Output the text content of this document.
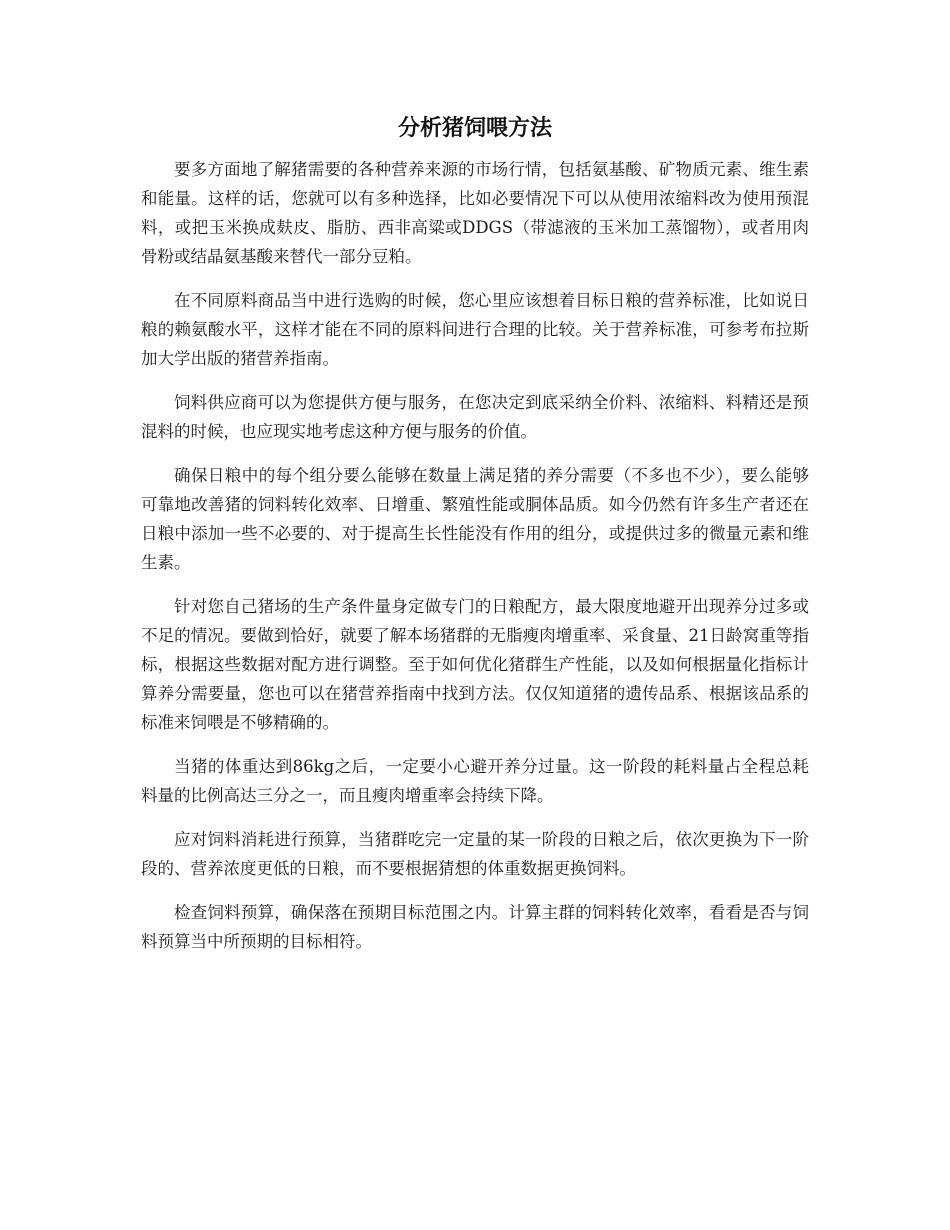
分析猪饲喂方法

要多方面地了解猪需要的各种营养来源的市场行情，包括氨基酸、矿物质元素、维生素和能量。这样的话，您就可以有多种选择，比如必要情况下可以从使用浓缩料改为使用预混料，或把玉米换成麸皮、脂肪、西非高粱或DDGS（带滤液的玉米加工蒸馏物），或者用肉骨粉或结晶氨基酸来替代一部分豆粕。

在不同原料商品当中进行选购的时候，您心里应该想着目标日粮的营养标准，比如说日粮的赖氨酸水平，这样才能在不同的原料间进行合理的比较。关于营养标准，可参考布拉斯加大学出版的猪营养指南。

饲料供应商可以为您提供方便与服务，在您决定到底采纳全价料、浓缩料、料精还是预混料的时候，也应现实地考虑这种方便与服务的价值。

确保日粮中的每个组分要么能够在数量上满足猪的养分需要（不多也不少），要么能够可靠地改善猪的饲料转化效率、日增重、繁殖性能或胴体品质。如今仍然有许多生产者还在日粮中添加一些不必要的、对于提高生长性能没有作用的组分，或提供过多的微量元素和维生素。

针对您自己猪场的生产条件量身定做专门的日粮配方，最大限度地避开出现养分过多或不足的情况。要做到恰好，就要了解本场猪群的无脂瘦肉增重率、采食量、21日龄窝重等指标，根据这些数据对配方进行调整。至于如何优化猪群生产性能，以及如何根据量化指标计算养分需要量，您也可以在猪营养指南中找到方法。仅仅知道猪的遗传品系、根据该品系的标准来饲喂是不够精确的。

当猪的体重达到86kg之后，一定要小心避开养分过量。这一阶段的耗料量占全程总耗料量的比例高达三分之一，而且瘦肉增重率会持续下降。

应对饲料消耗进行预算，当猪群吃完一定量的某一阶段的日粮之后，依次更换为下一阶段的、营养浓度更低的日粮，而不要根据猜想的体重数据更换饲料。

检查饲料预算，确保落在预期目标范围之内。计算主群的饲料转化效率，看看是否与饲料预算当中所预期的目标相符。
